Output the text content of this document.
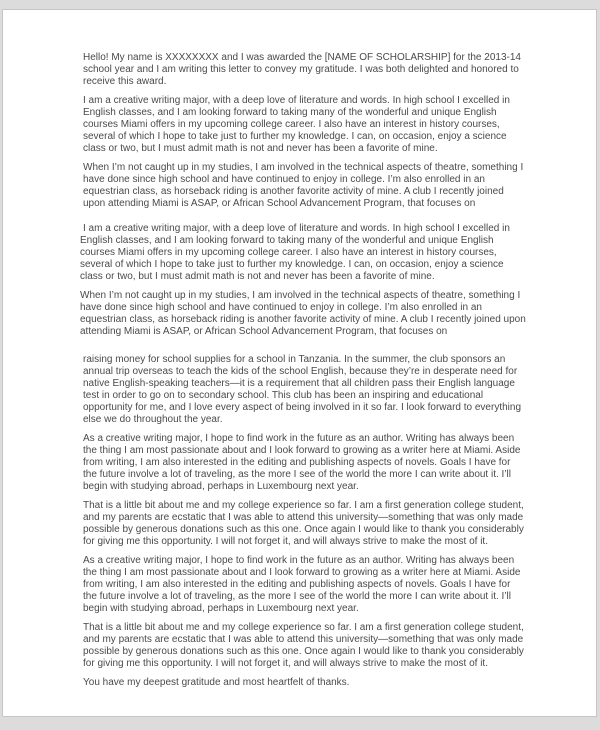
Hello! My name is XXXXXXXX and I was awarded the [NAME OF SCHOLARSHIP] for the 2013-14 school year and I am writing this letter to convey my gratitude. I was both delighted and honored to receive this award.

I am a creative writing major, with a deep love of literature and words. In high school I excelled in English classes, and I am looking forward to taking many of the wonderful and unique English courses Miami offers in my upcoming college career. I also have an interest in history courses, several of which I hope to take just to further my knowledge. I can, on occasion, enjoy a science class or two, but I must admit math is not and never has been a favorite of mine.

When I’m not caught up in my studies, I am involved in the technical aspects of theatre, something I have done since high school and have continued to enjoy in college. I’m also enrolled in an equestrian class, as horseback riding is another favorite activity of mine. A club I recently joined upon attending Miami is ASAP, or African School Advancement Program, that focuses on

I am a creative writing major, with a deep love of literature and words. In high school I excelled in English classes, and I am looking forward to taking many of the wonderful and unique English courses Miami offers in my upcoming college career. I also have an interest in history courses, several of which I hope to take just to further my knowledge. I can, on occasion, enjoy a science class or two, but I must admit math is not and never has been a favorite of mine.

When I’m not caught up in my studies, I am involved in the technical aspects of theatre, something I have done since high school and have continued to enjoy in college. I’m also enrolled in an equestrian class, as horseback riding is another favorite activity of mine. A club I recently joined upon attending Miami is ASAP, or African School Advancement Program, that focuses on

raising money for school supplies for a school in Tanzania. In the summer, the club sponsors an annual trip overseas to teach the kids of the school English, because they’re in desperate need for native English-speaking teachers—it is a requirement that all children pass their English language test in order to go on to secondary school. This club has been an inspiring and educational opportunity for me, and I love every aspect of being involved in it so far. I look forward to everything else we do throughout the year.

As a creative writing major, I hope to find work in the future as an author. Writing has always been the thing I am most passionate about and I look forward to growing as a writer here at Miami. Aside from writing, I am also interested in the editing and publishing aspects of novels. Goals I have for the future involve a lot of traveling, as the more I see of the world the more I can write about it. I’ll begin with studying abroad, perhaps in Luxembourg next year.

That is a little bit about me and my college experience so far. I am a first generation college student, and my parents are ecstatic that I was able to attend this university—something that was only made possible by generous donations such as this one. Once again I would like to thank you considerably for giving me this opportunity. I will not forget it, and will always strive to make the most of it.

As a creative writing major, I hope to find work in the future as an author. Writing has always been the thing I am most passionate about and I look forward to growing as a writer here at Miami. Aside from writing, I am also interested in the editing and publishing aspects of novels. Goals I have for the future involve a lot of traveling, as the more I see of the world the more I can write about it. I’ll begin with studying abroad, perhaps in Luxembourg next year.

That is a little bit about me and my college experience so far. I am a first generation college student, and my parents are ecstatic that I was able to attend this university—something that was only made possible by generous donations such as this one. Once again I would like to thank you considerably for giving me this opportunity. I will not forget it, and will always strive to make the most of it.

You have my deepest gratitude and most heartfelt of thanks.
